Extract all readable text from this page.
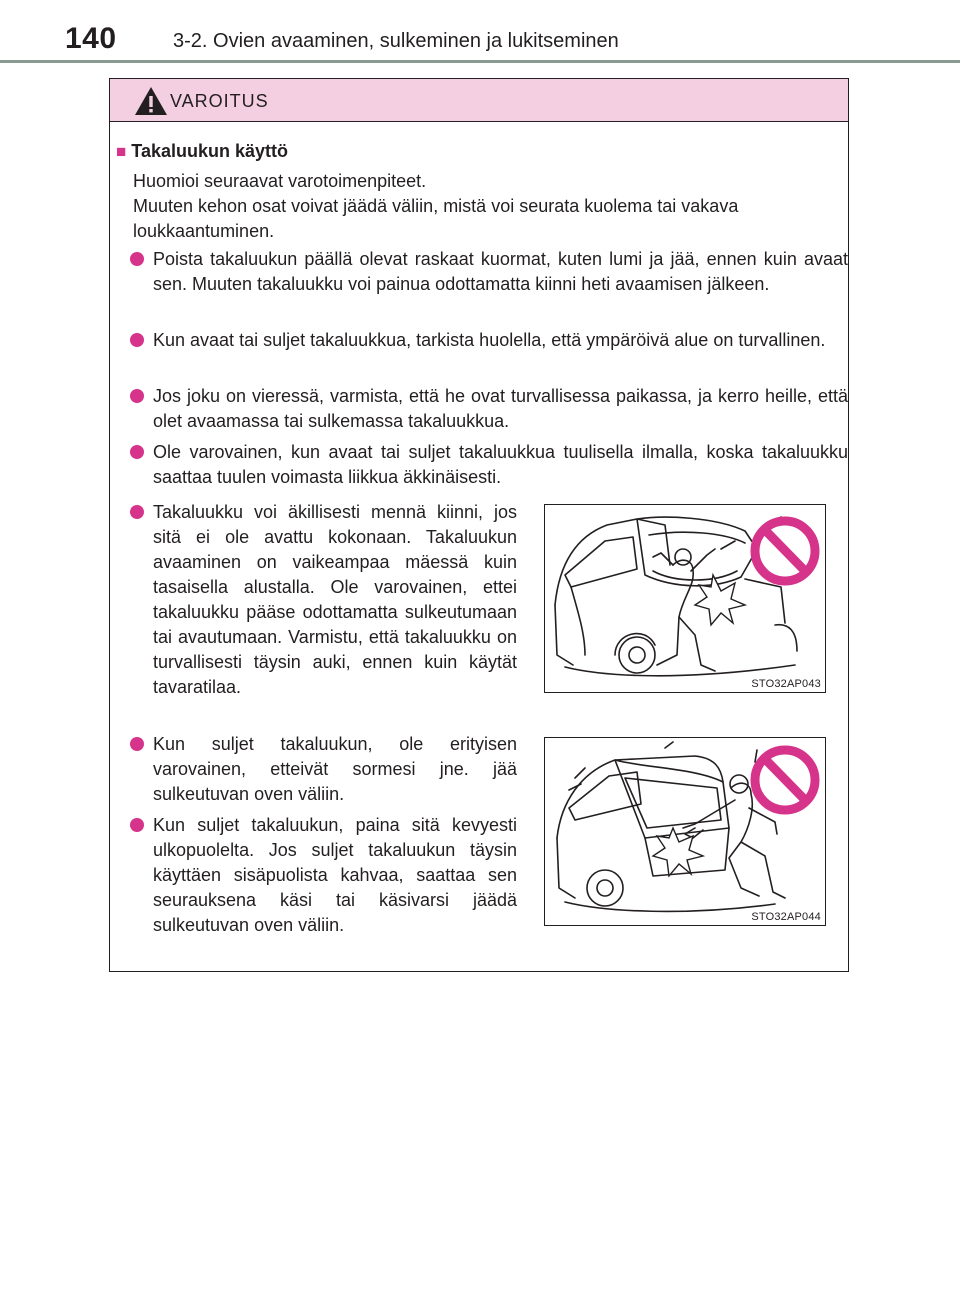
140	3-2. Ovien avaaminen, sulkeminen ja lukitseminen
VAROITUS
■ Takaluukun käyttö
Huomioi seuraavat varotoimenpiteet.
Muuten kehon osat voivat jäädä väliin, mistä voi seurata kuolema tai vakava loukkaantuminen.
Poista takaluukun päällä olevat raskaat kuormat, kuten lumi ja jää, ennen kuin avaat sen. Muuten takaluukku voi painua odottamatta kiinni heti avaamisen jälkeen.
Kun avaat tai suljet takaluukkua, tarkista huolella, että ympäröivä alue on turvallinen.
Jos joku on vieressä, varmista, että he ovat turvallisessa paikassa, ja kerro heille, että olet avaamassa tai sulkemassa takaluukkua.
Ole varovainen, kun avaat tai suljet takaluukkua tuulisella ilmalla, koska takaluukku saattaa tuulen voimasta liikkua äkkinäisesti.
Takaluukku voi äkillisesti mennä kiinni, jos sitä ei ole avattu kokonaan. Takaluukun avaaminen on vaikeampaa mäessä kuin tasaisella alustalla. Ole varovainen, ettei takaluukku pääse odottamatta sulkeutumaan tai avautumaan. Varmistu, että takaluukku on turvallisesti täysin auki, ennen kuin käytät tavaratilaa.
Kun suljet takaluukun, ole erityisen varovainen, etteivät sormesi jne. jää sulkeutuvan oven väliin.
Kun suljet takaluukun, paina sitä kevyesti ulkopuolelta. Jos suljet takaluukun täysin käyttäen sisäpuolista kahvaa, saattaa sen seurauksena käsi tai käsivarsi jäädä sulkeutuvan oven väliin.
STO32AP043
STO32AP044
